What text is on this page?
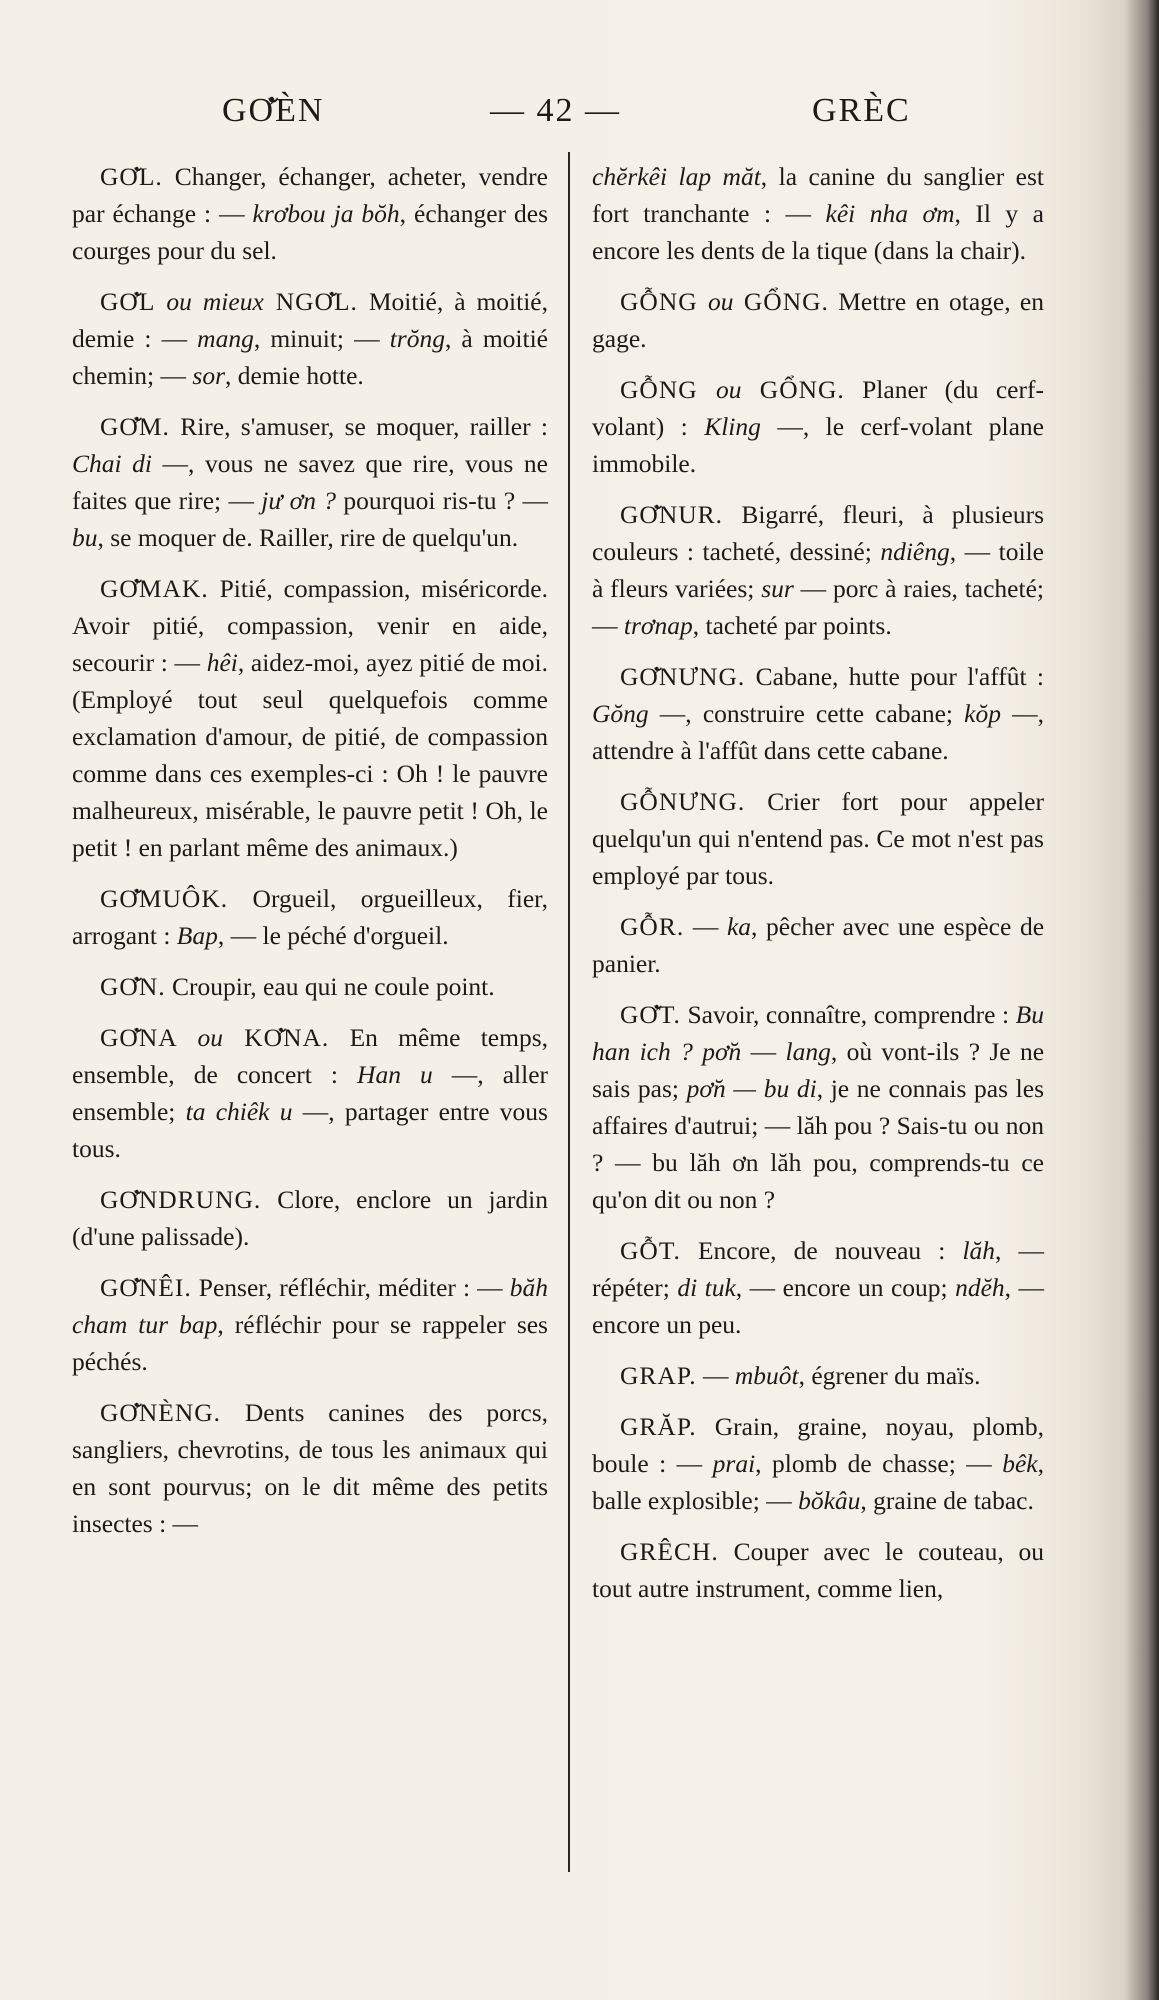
GƠ̆ÈN	— 42 —	GRÈC

GƠ̆L. Changer, échanger, acheter, vendre par échange : — krơbou ja bŏh, échanger des courges pour du sel.

GƠ̆L ou mieux NGƠ̆L. Moitié, à moitié, demie : — mang, minuit; — trŏng, à moitié chemin; — sor, demie hotte.

GƠ̆M. Rire, s'amuser, se moquer, railler : Chai di —, vous ne savez que rire, vous ne faites que rire; — jư ơn ? pourquoi ris-tu ? — bu, se moquer de. Railler, rire de quelqu'un.

GƠ̆MAK. Pitié, compassion, miséricorde. Avoir pitié, compassion, venir en aide, secourir : — hêi, aidez-moi, ayez pitié de moi. (Employé tout seul quelquefois comme exclamation d'amour, de pitié, de compassion comme dans ces exemples-ci : Oh ! le pauvre malheureux, misérable, le pauvre petit ! Oh, le petit ! en parlant même des animaux.)

GƠ̆MUÔK. Orgueil, orgueilleux, fier, arrogant : Bap, — le péché d'orgueil.

GƠ̆N. Croupir, eau qui ne coule point.

GƠ̆NA ou KƠ̆NA. En même temps, ensemble, de concert : Han u —, aller ensemble; ta chiêk u —, partager entre vous tous.

GƠ̆NDRUNG. Clore, enclore un jardin (d'une palissade).

GƠ̆NÊI. Penser, réfléchir, méditer : — băh cham tur bap, réfléchir pour se rappeler ses péchés.

GƠ̆NÈNG. Dents canines des porcs, sangliers, chevrotins, de tous les animaux qui en sont pourvus; on le dit même des petits insectes : —

chĕrkêi lap măt, la canine du sanglier est fort tranchante : — kêi nha ơm, Il y a encore les dents de la tique (dans la chair).

GỖNG ou GỔNG. Mettre en otage, en gage.

GỖNG ou GỔNG. Planer (du cerf-volant) : Kling —, le cerf-volant plane immobile.

GƠ̆NUR. Bigarré, fleuri, à plusieurs couleurs : tacheté, dessiné; ndiêng, — toile à fleurs variées; sur — porc à raies, tacheté; — trơnap, tacheté par points.

GƠ̆NƯNG. Cabane, hutte pour l'affût : Gŏng —, construire cette cabane; kŏp —, attendre à l'affût dans cette cabane.

GỖNƯNG. Crier fort pour appeler quelqu'un qui n'entend pas. Ce mot n'est pas employé par tous.

GỖR. — ka, pêcher avec une espèce de panier.

GƠ̆T. Savoir, connaître, comprendre : Bu han ich ? pơ̆n — lang, où vont-ils ? Je ne sais pas; pơ̆n — bu di, je ne connais pas les affaires d'autrui; — lăh pou ? Sais-tu ou non ? — bu lăh ơn lăh pou, comprends-tu ce qu'on dit ou non ?

GỖT. Encore, de nouveau : lăh, — répéter; di tuk, — encore un coup; ndĕh, — encore un peu.

GRAP. — mbuôt, égrener du maïs.

GRĂP. Grain, graine, noyau, plomb, boule : — prai, plomb de chasse; — bêk, balle explosible; — bŏkâu, graine de tabac.

GRÊCH. Couper avec le couteau, ou tout autre instrument, comme lien,
